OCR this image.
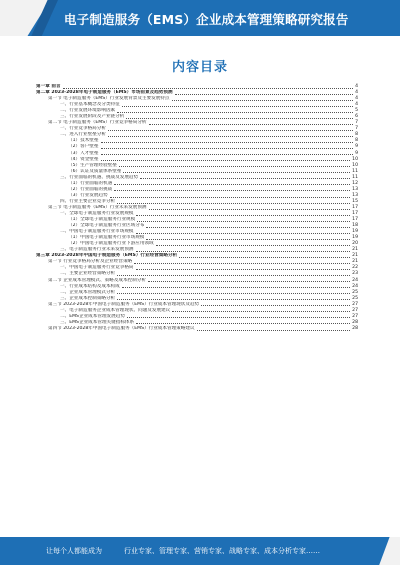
电子制造服务（EMS）企业成本管理策略研究报告
内容目录
第一章 前言	4
第二章 2023-2028年电子制造服务（EMS）市场前景及趋势预测	4
第一节 电子制造服务（EMS）行业发展背景及主要发展特点	4
一、行业基本概念及分类特征	4
二、行业发展环境影响因素	5
三、行业发展阶段及产业链分析	6
第二节 电子制造服务（EMS）行业竞争格局分析	7
一、行业竞争格局分析	7
二、进入行业壁垒分析	8
（1）技术壁垒	8
（2）客户壁垒	9
（3）人才壁垒	9
（4）资金壁垒	10
（5）生产管理经验壁垒	10
（6）认证及质量体系壁垒	11
三、行业面临的机遇、挑战及发展趋势	11
（1）行业面临的机遇	12
（2）行业面临的挑战	13
（3）行业发展趋势	13
四、行业主要企业竞争分析	15
第三节 电子制造服务（EMS）行业未来发展预测	17
一、全球电子制造服务行业发展规模	17
（1）全球电子制造服务行业规模	17
（2）全球电子制造服务行业区域分布	18
二、中国电子制造服务行业市场规模	19
（1）中国电子制造服务行业市场规模	19
（2）中国电子制造服务行业下游应用领域	20
三、电子制造服务行业未来发展预测	21
第三章 2023-2028年中国电子制造服务（EMS）行业经营策略分析	21
第一节 行业竞争格局分析及企业经营策略	21
一、中国电子制造服务行业竞争格局	22
二、主要企业经营策略分析	23
第二节 企业成本管理模式、策略及成本控制分析	24
一、行业成本结构及成本构成	24
二、企业成本管理模式分析	25
三、企业成本控制策略分析	25
第三节 2023-2028年中国电子制造服务（EMS）行业成本管理现状及趋势	27
一、电子制造服务企业成本管理现状、问题及发展建议	27
二、EMS企业成本管理发展趋势	27
三、EMS企业成本管理关键指标体系	28
第四节 2023-2028年中国电子制造服务（EMS）行业成本管理策略建议	28
让每个人都能成为	行业专家、管理专家、营销专家、战略专家、成本分析专家……
